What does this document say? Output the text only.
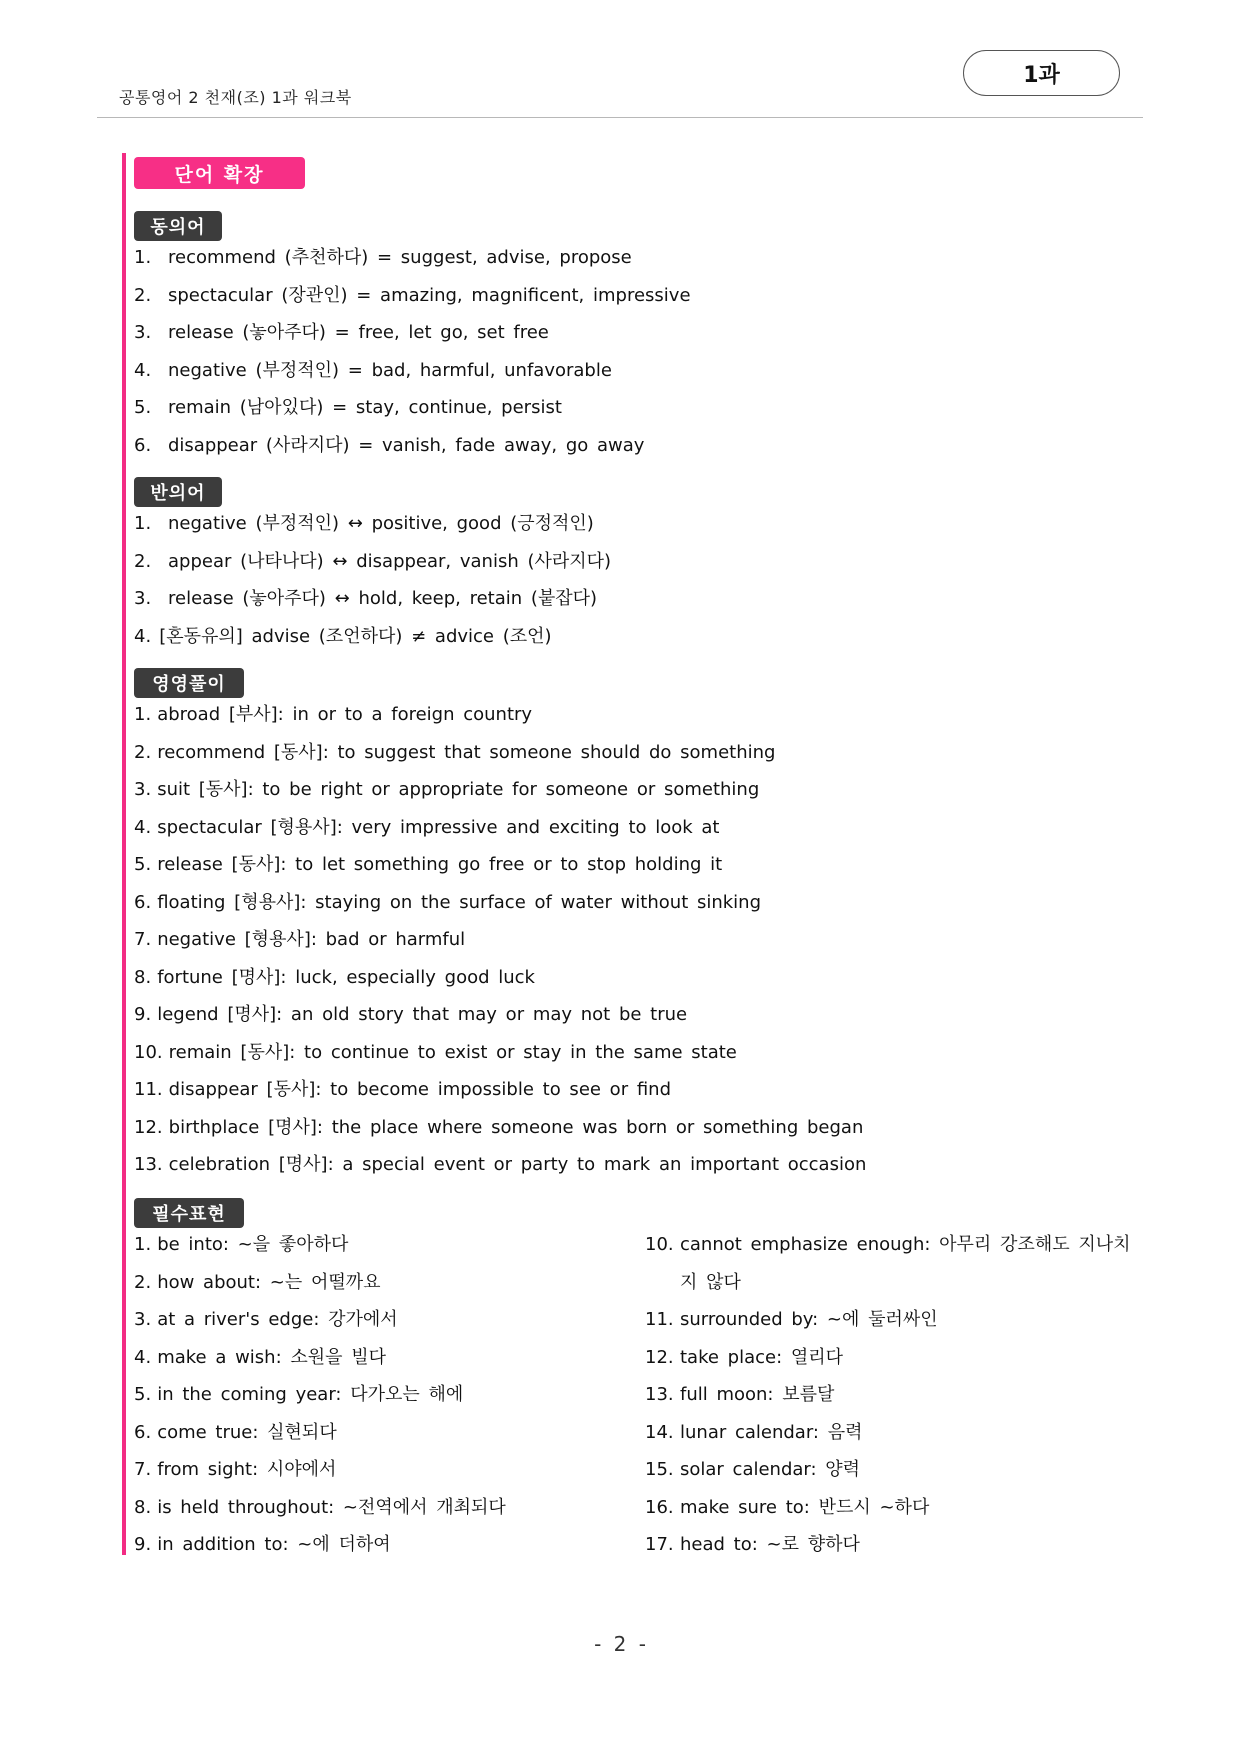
공통영어 2 천재(조) 1과 워크북
1과
단어 확장
동의어
1. recommend (추천하다) = suggest, advise, propose
2. spectacular (장관인) = amazing, magnificent, impressive
3. release (놓아주다) = free, let go, set free
4. negative (부정적인) = bad, harmful, unfavorable
5. remain (남아있다) = stay, continue, persist
6. disappear (사라지다) = vanish, fade away, go away
반의어
1. negative (부정적인) ↔ positive, good (긍정적인)
2. appear (나타나다) ↔ disappear, vanish (사라지다)
3. release (놓아주다) ↔ hold, keep, retain (붙잡다)
4. [혼동유의] advise (조언하다) ≠ advice (조언)
영영풀이
1. abroad [부사]: in or to a foreign country
2. recommend [동사]: to suggest that someone should do something
3. suit [동사]: to be right or appropriate for someone or something
4. spectacular [형용사]: very impressive and exciting to look at
5. release [동사]: to let something go free or to stop holding it
6. floating [형용사]: staying on the surface of water without sinking
7. negative [형용사]: bad or harmful
8. fortune [명사]: luck, especially good luck
9. legend [명사]: an old story that may or may not be true
10. remain [동사]: to continue to exist or stay in the same state
11. disappear [동사]: to become impossible to see or find
12. birthplace [명사]: the place where someone was born or something began
13. celebration [명사]: a special event or party to mark an important occasion
필수표현
1. be into: ~을 좋아하다
2. how about: ~는 어떨까요
3. at a river's edge: 강가에서
4. make a wish: 소원을 빌다
5. in the coming year: 다가오는 해에
6. come true: 실현되다
7. from sight: 시야에서
8. is held throughout: ~전역에서 개최되다
9. in addition to: ~에 더하여
10. cannot emphasize enough: 아무리 강조해도 지나치
지 않다
11. surrounded by: ~에 둘러싸인
12. take place: 열리다
13. full moon: 보름달
14. lunar calendar: 음력
15. solar calendar: 양력
16. make sure to: 반드시 ~하다
17. head to: ~로 향하다
- 2 -
